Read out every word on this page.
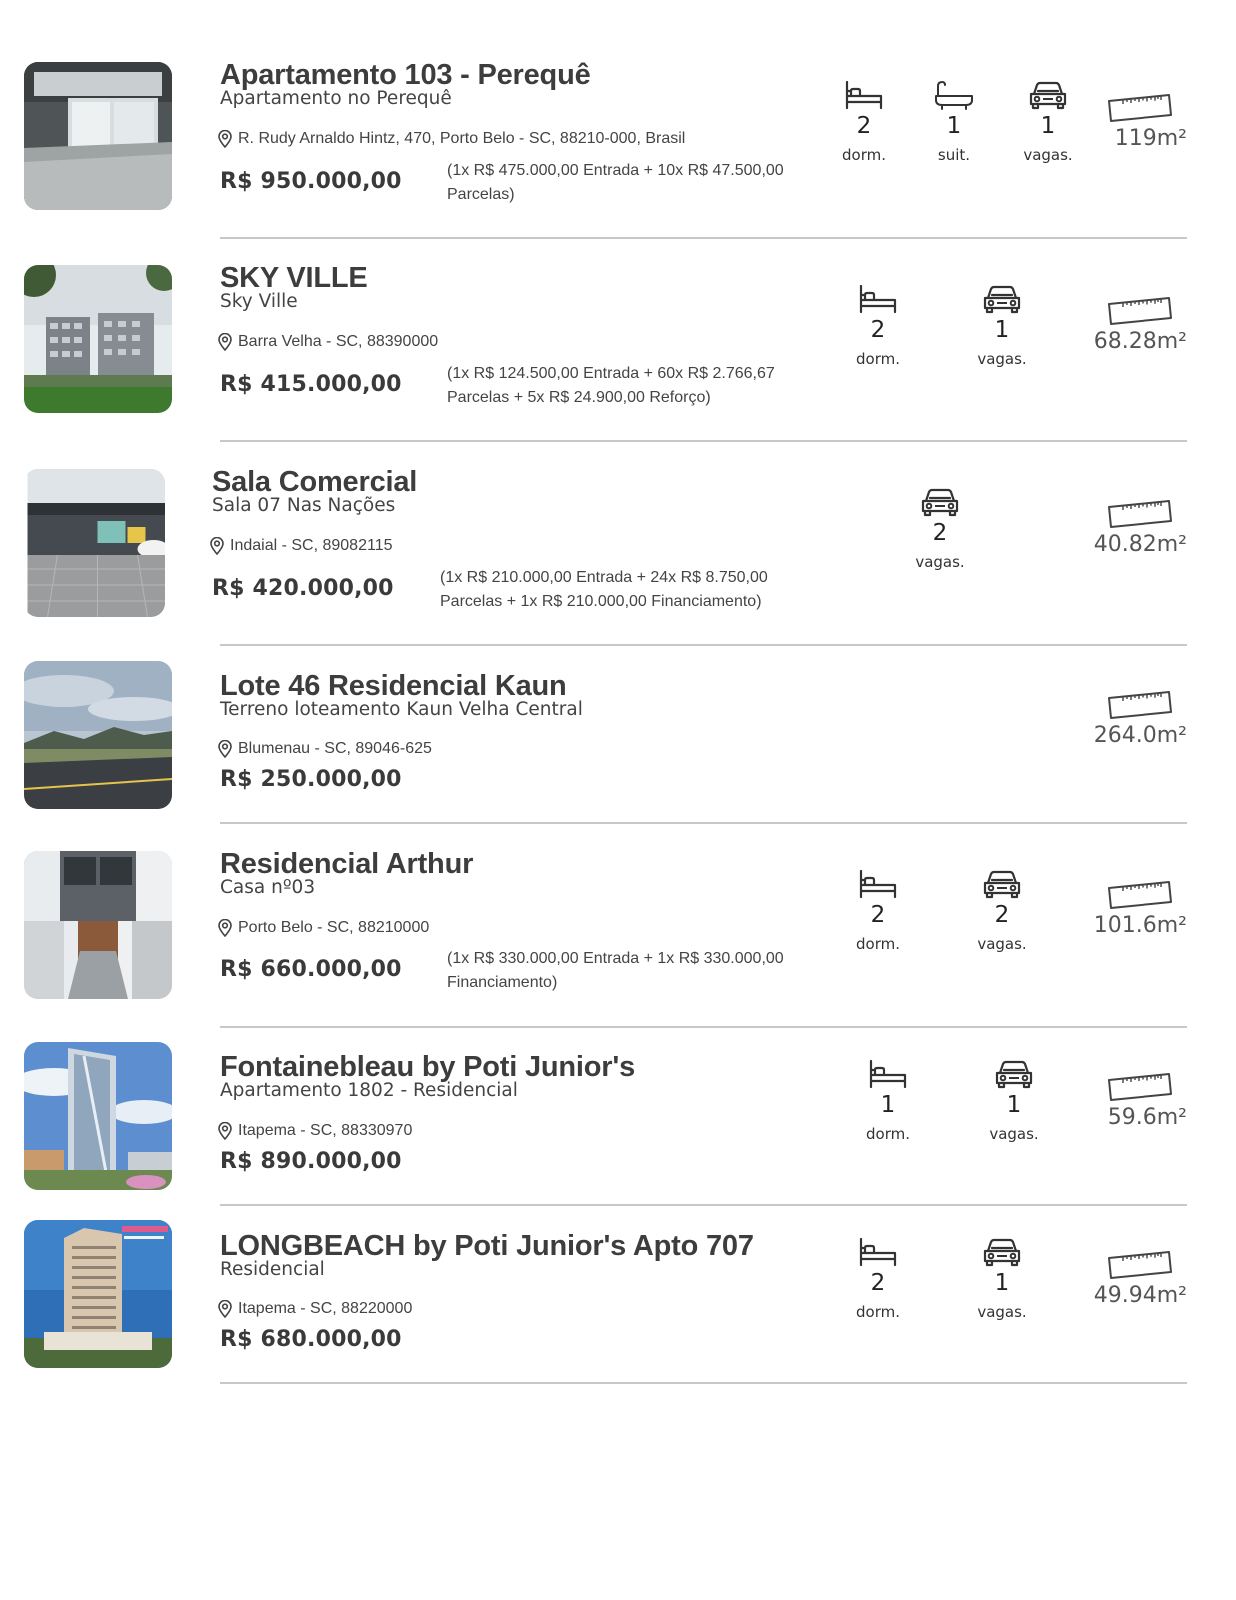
Apartamento 103 - Perequê
Apartamento no Perequê
R. Rudy Arnaldo Hintz, 470, Porto Belo - SC, 88210-000, Brasil
R$ 950.000,00	(1x R$ 475.000,00 Entrada + 10x R$ 47.500,00 Parcelas)
2
dorm.
1
suit.
1
vagas.
119m²
SKY VILLE
Sky Ville
Barra Velha - SC, 88390000
R$ 415.000,00	(1x R$ 124.500,00 Entrada + 60x R$ 2.766,67 Parcelas + 5x R$ 24.900,00 Reforço)
2
dorm.
1
vagas.
68.28m²
Sala Comercial
Sala 07 Nas Nações
Indaial - SC, 89082115
R$ 420.000,00	(1x R$ 210.000,00 Entrada + 24x R$ 8.750,00 Parcelas + 1x R$ 210.000,00 Financiamento)
2
vagas.
40.82m²
Lote 46 Residencial Kaun
Terreno loteamento Kaun Velha Central
Blumenau - SC, 89046-625
R$ 250.000,00
264.0m²
Residencial Arthur
Casa nº03
Porto Belo - SC, 88210000
R$ 660.000,00	(1x R$ 330.000,00 Entrada + 1x R$ 330.000,00 Financiamento)
2
dorm.
2
vagas.
101.6m²
Fontainebleau by Poti Junior's
Apartamento 1802 - Residencial
Itapema - SC, 88330970
R$ 890.000,00
1
dorm.
1
vagas.
59.6m²
LONGBEACH by Poti Junior's Apto 707
Residencial
Itapema - SC, 88220000
R$ 680.000,00
2
dorm.
1
vagas.
49.94m²
